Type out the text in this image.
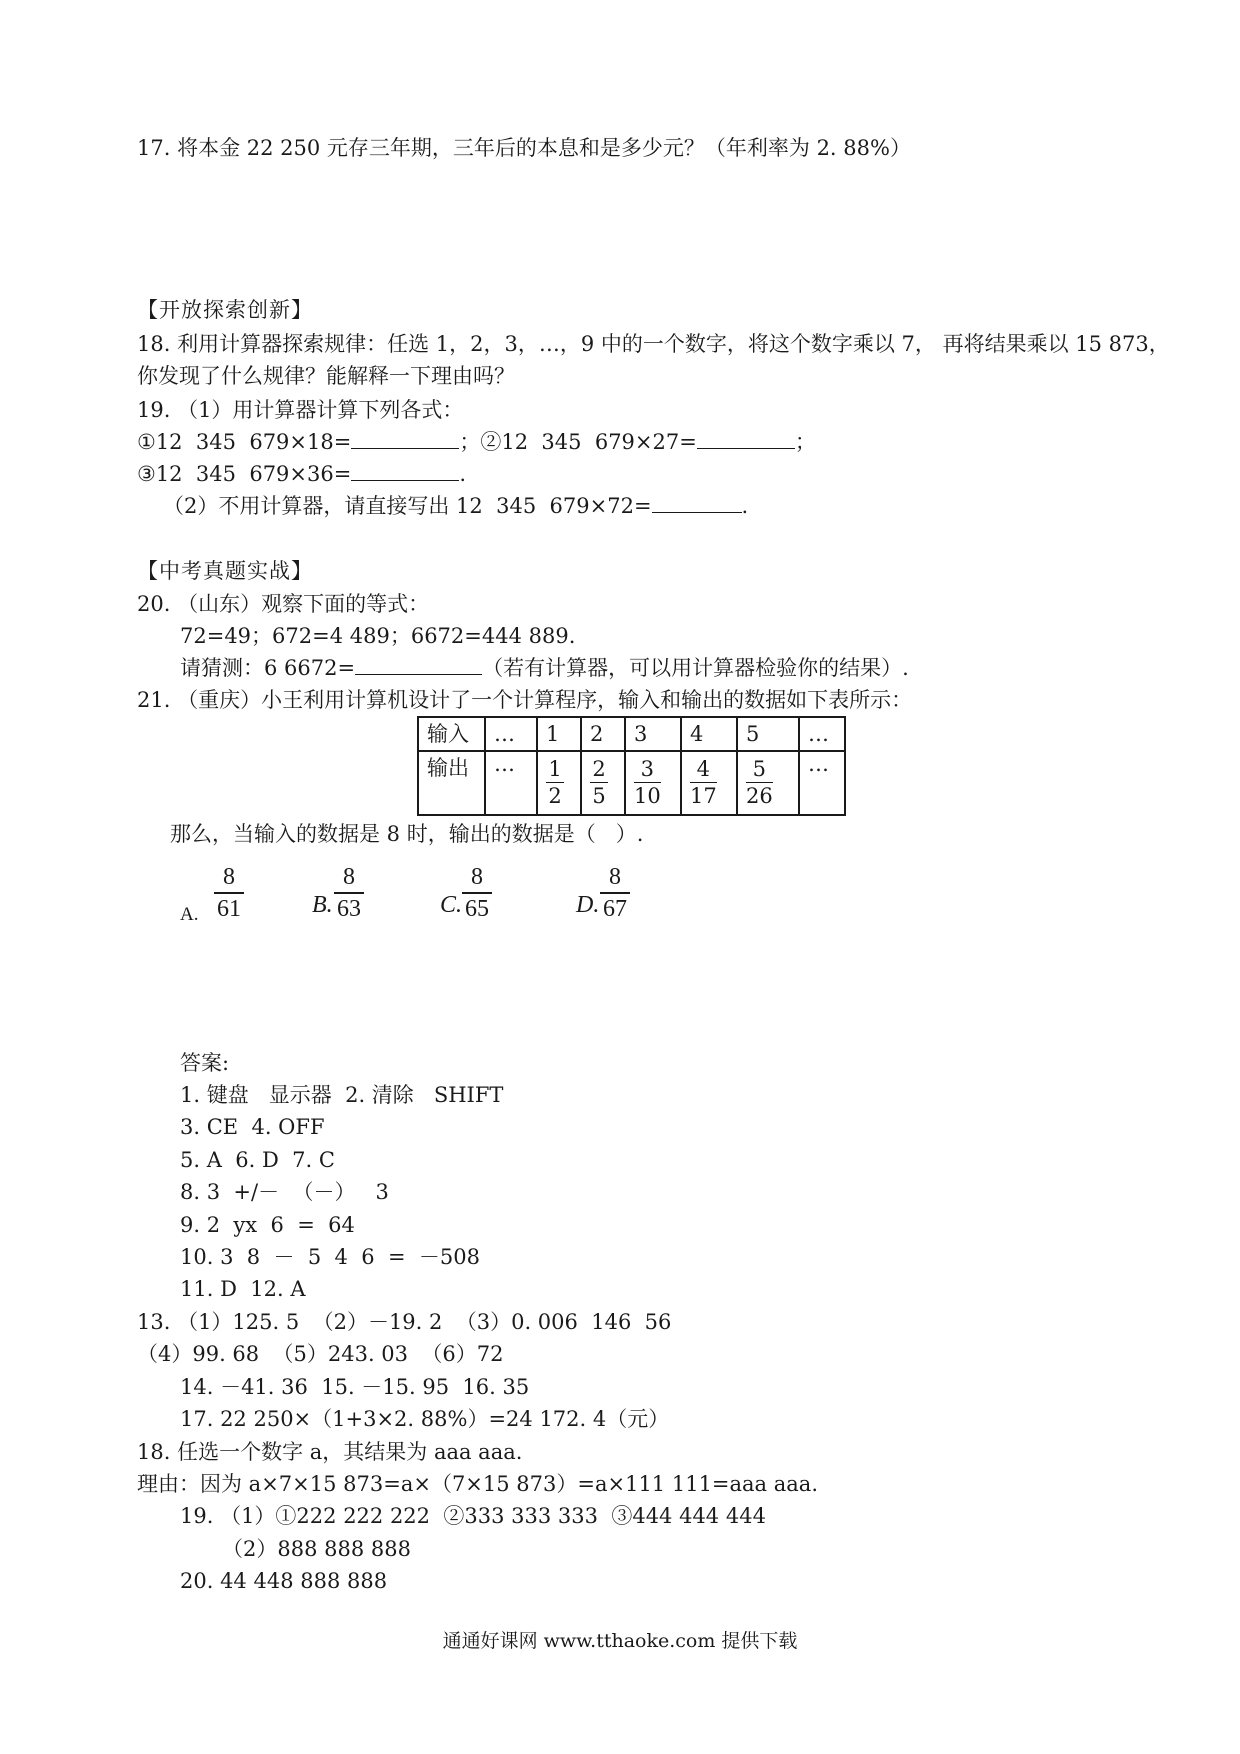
17. 将本金 22 250 元存三年期，三年后的本息和是多少元？（年利率为 2. 88%）
【开放探索创新】
18. 利用计算器探索规律：任选 1，2，3，…，9 中的一个数字，将这个数字乘以 7， 再将结果乘以 15 873，
你发现了什么规律？能解释一下理由吗？
19. （1）用计算器计算下列各式：
①12  345  679×18=	；②12  345  679×27=	；
③12  345  679×36=	.
（2）不用计算器，请直接写出 12  345  679×72=	.
【中考真题实战】
20. （山东）观察下面的等式：
72=49；672=4 489；6672=444 889.
请猜测：6 6672=	（若有计算器，可以用计算器检验你的结果）.
21. （重庆）小王利用计算机设计了一个计算程序，输入和输出的数据如下表所示：
输入	…	1	2	3	4	5	…
输出	…	$\frac{1}{2}$	$\frac{2}{5}$	$\frac{3}{10}$	$\frac{4}{17}$	$\frac{5}{26}$	…
那么，当输入的数据是 8 时，输出的数据是（   ）.
A.
8
61	B.
8
63	C.
8
65	D.
8
67
答案:
1. 键盘   显示器  2. 清除   SHIFT
3. CE  4. OFF
5. A  6. D  7. C
8. 3  +/－  （－）   3
9. 2  yx  6  =  64
10. 3  8  －  5  4  6  =  －508
11. D  12. A
13. （1）125. 5  （2）－19. 2  （3）0. 006  146  56
（4）99. 68  （5）243. 03  （6）72
14. －41. 36  15. －15. 95  16. 35
17. 22 250×（1+3×2. 88%）=24 172. 4（元）
18. 任选一个数字 a，其结果为 aaa aaa.
理由：因为 a×7×15 873=a×（7×15 873）=a×111 111=aaa aaa.
19. （1）①222 222 222  ②333 333 333  ③444 444 444
（2）888 888 888
20. 44 448 888 888
通通好课网 www.tthaoke.com 提供下载
